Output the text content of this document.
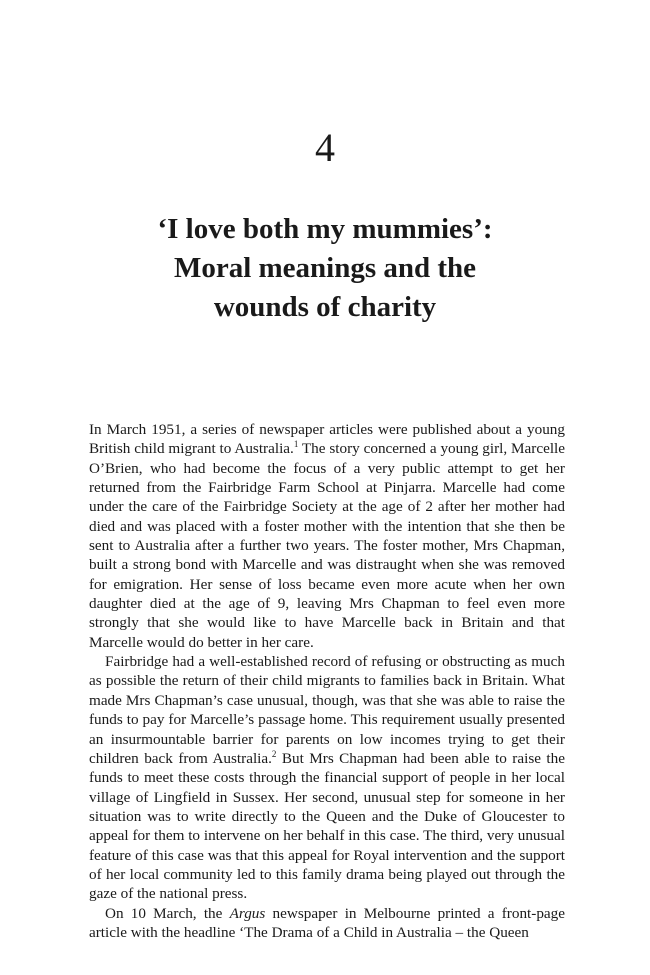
4
‘I love both my mummies’:
Moral meanings and the
wounds of charity

In March 1951, a series of newspaper articles were published about a young British child migrant to Australia.$^1$ The story concerned a young girl, Marcelle O’Brien, who had become the focus of a very public attempt to get her returned from the Fairbridge Farm School at Pinjarra. Marcelle had come under the care of the Fairbridge Society at the age of 2 after her mother had died and was placed with a foster mother with the intention that she then be sent to Australia after a further two years. The foster mother, Mrs Chapman, built a strong bond with Marcelle and was distraught when she was removed for emigration. Her sense of loss became even more acute when her own daughter died at the age of 9, leaving Mrs Chapman to feel even more strongly that she would like to have Marcelle back in Britain and that Marcelle would do better in her care.

Fairbridge had a well-established record of refusing or obstructing as much as possible the return of their child migrants to families back in Britain. What made Mrs Chapman’s case unusual, though, was that she was able to raise the funds to pay for Marcelle’s passage home. This requirement usually presented an insurmountable barrier for parents on low incomes trying to get their children back from Australia.$^2$ But Mrs Chapman had been able to raise the funds to meet these costs through the financial support of people in her local village of Lingfield in Sussex. Her second, unusual step for someone in her situation was to write directly to the Queen and the Duke of Gloucester to appeal for them to intervene on her behalf in this case. The third, very unusual feature of this case was that this appeal for Royal intervention and the support of her local community led to this family drama being played out through the gaze of the national press.

On 10 March, the Argus newspaper in Melbourne printed a front-page article with the headline ‘The Drama of a Child in Australia – the Queen
